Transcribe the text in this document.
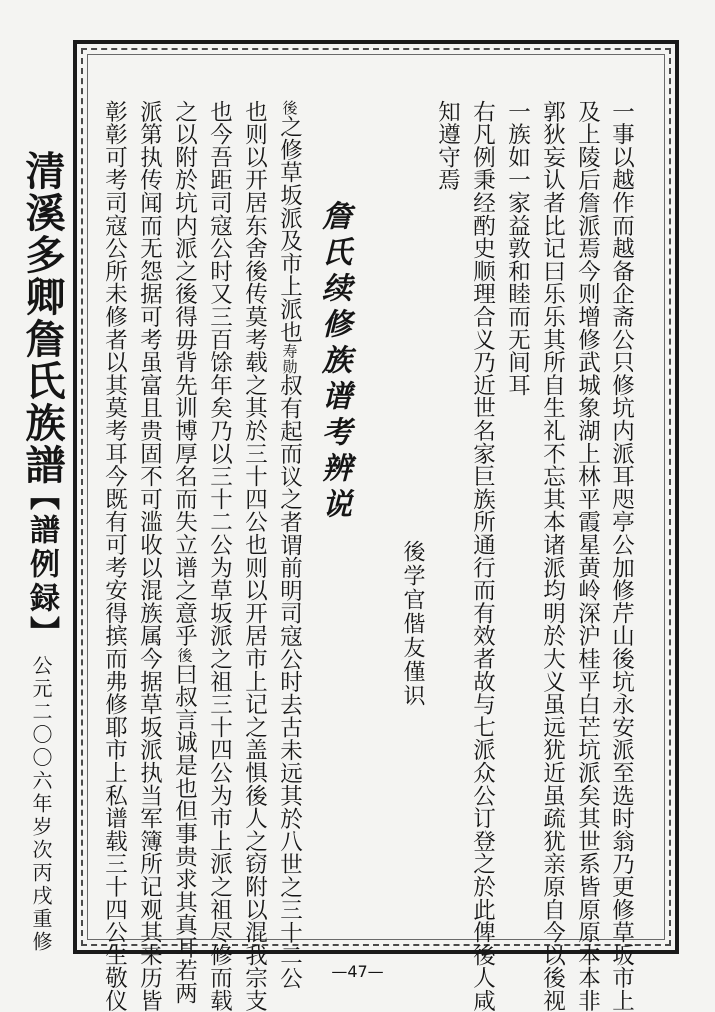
一事以越作而越备企斋公只修坑内派耳咫亭公加修芹山後坑永安派至选时翁乃更修草坂市上
及上陵后詹派焉今则增修武城象湖上林平霞星黄岭深沪桂平白芒坑派矣其世系皆原原本本非
郭狄妄认者比记曰乐乐其所自生礼不忘其本诸派均明於大义虽远犹近虽疏犹亲原自今以後视
一族如一家益敦和睦而无间耳
右凡例秉经酌史顺理合义乃近世名家巨族所通行而有效者故与七派众公订登之於此俾後人咸
知遵守焉
後学官偕友僅识
詹氏续修族谱考辨说
後之修草坂派及市上派也寿勋叔有起而议之者谓前明司寇公时去古未远其於八世之三十二公
也则以开居东舍後传莫考载之其於三十四公也则以开居市上记之盖惧後人之窃附以混我宗支
也今吾距司寇公时又三百馀年矣乃以三十二公为草坂派之祖三十四公为市上派之祖尽修而载
之以附於坑内派之後得毋背先训博厚名而失立谱之意乎後曰叔言诚是也但事贵求其真耳若两
派第执传闻而无怨据可考虽富且贵固不可滥收以混族属今据草坂派执当军簿所记观其来历皆
彰彰可考司寇公所未修者以其莫考耳今既有可考安得摈而弗修耶市上私谱载三十四公生敬仪
清溪多卿詹氏族譜
【譜例録】
公元二〇〇六年岁次丙戌重修
—47—
